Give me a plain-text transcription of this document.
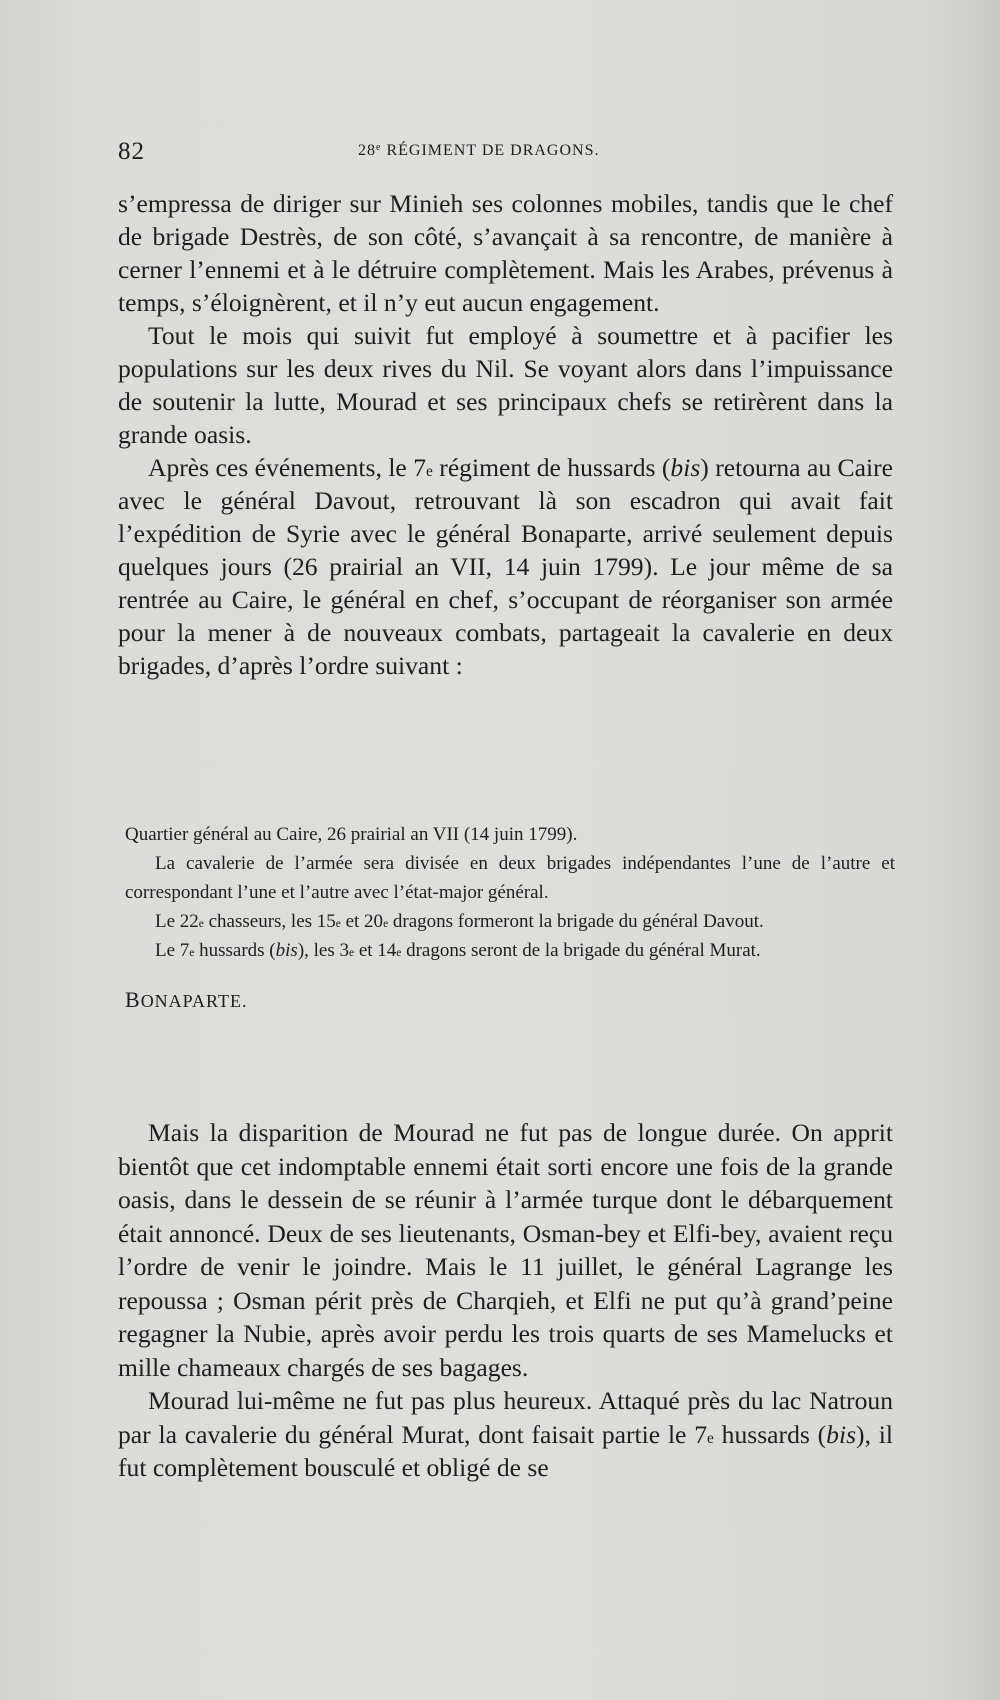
82	28e RÉGIMENT DE DRAGONS.

s’empressa de diriger sur Minieh ses colonnes mobiles, tandis que le chef de brigade Destrès, de son côté, s’avançait à sa rencontre, de manière à cerner l’ennemi et à le détruire complètement. Mais les Arabes, prévenus à temps, s’éloignèrent, et il n’y eut aucun engagement.

Tout le mois qui suivit fut employé à soumettre et à pacifier les populations sur les deux rives du Nil. Se voyant alors dans l’impuissance de soutenir la lutte, Mourad et ses principaux chefs se retirèrent dans la grande oasis.

Après ces événements, le 7e régiment de hussards (bis) retourna au Caire avec le général Davout, retrouvant là son escadron qui avait fait l’expédition de Syrie avec le général Bonaparte, arrivé seulement depuis quelques jours (26 prairial an VII, 14 juin 1799). Le jour même de sa rentrée au Caire, le général en chef, s’occupant de réorganiser son armée pour la mener à de nouveaux combats, partageait la cavalerie en deux brigades, d’après l’ordre suivant :

Quartier général au Caire, 26 prairial an VII (14 juin 1799).

La cavalerie de l’armée sera divisée en deux brigades indépendantes l’une de l’autre et correspondant l’une et l’autre avec l’état-major général.

Le 22e chasseurs, les 15e et 20e dragons formeront la brigade du général Davout.

Le 7e hussards (bis), les 3e et 14e dragons seront de la brigade du général Murat.

BONAPARTE.

Mais la disparition de Mourad ne fut pas de longue durée. On apprit bientôt que cet indomptable ennemi était sorti encore une fois de la grande oasis, dans le dessein de se réunir à l’armée turque dont le débarquement était annoncé. Deux de ses lieutenants, Osman-bey et Elfi-bey, avaient reçu l’ordre de venir le joindre. Mais le 11 juillet, le général Lagrange les repoussa ; Osman périt près de Charqieh, et Elfi ne put qu’à grand’peine regagner la Nubie, après avoir perdu les trois quarts de ses Mamelucks et mille chameaux chargés de ses bagages.

Mourad lui-même ne fut pas plus heureux. Attaqué près du lac Natroun par la cavalerie du général Murat, dont faisait partie le 7e hussards (bis), il fut complètement bousculé et obligé de se
